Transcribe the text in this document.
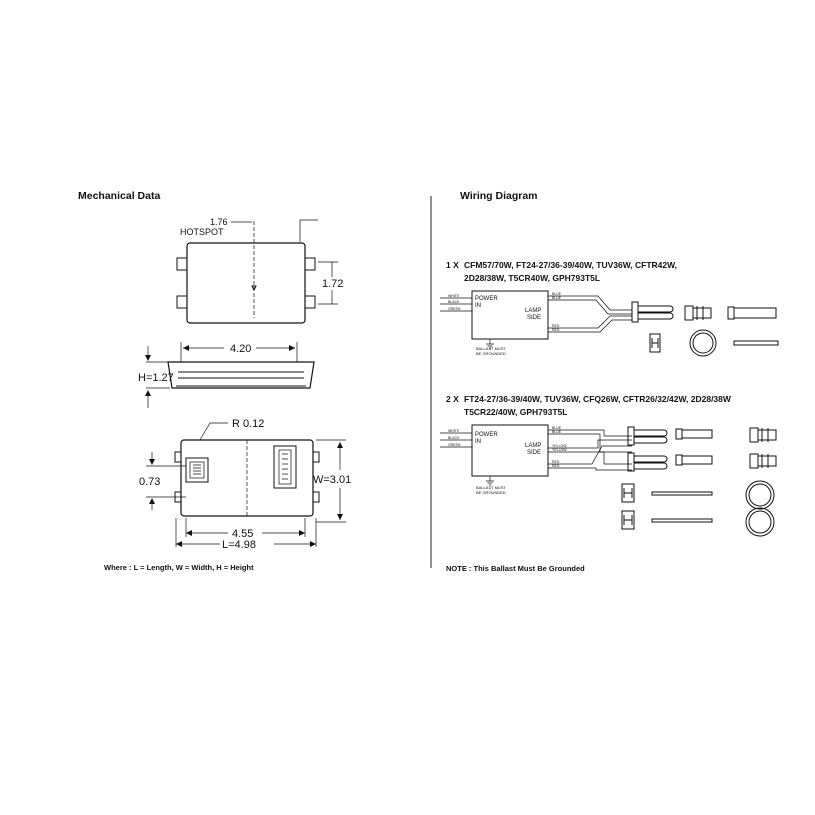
Mechanical Data
1.76
HOTSPOT
1.72
4.20
H=1.27
R 0.12
0.73	W=3.01
4.55
L=4.98
Where : L = Length, W = Width, H = Height
Wiring Diagram
1 X CFM57/70W, FT24-27/36-39/40W, TUV36W, CFTR42W,
2D28/38W, T5CR40W, GPH793T5L
POWER
IN
LAMP
SIDE
WHITE
BLACK
GREEN
BLUE
BLUE
RED
RED
BALLAST MUST
BE GROUNDED
2 X FT24-27/36-39/40W, TUV36W, CFQ26W, CFTR26/32/42W, 2D28/38W
T5CR22/40W, GPH793T5L
POWER
IN
LAMP
SIDE
WHITE
BLACK
GREEN
BLUE
BLUE
YELLOW
YELLOW
RED
RED
BALLAST MUST
BE GROUNDED
NOTE : This Ballast Must Be Grounded
